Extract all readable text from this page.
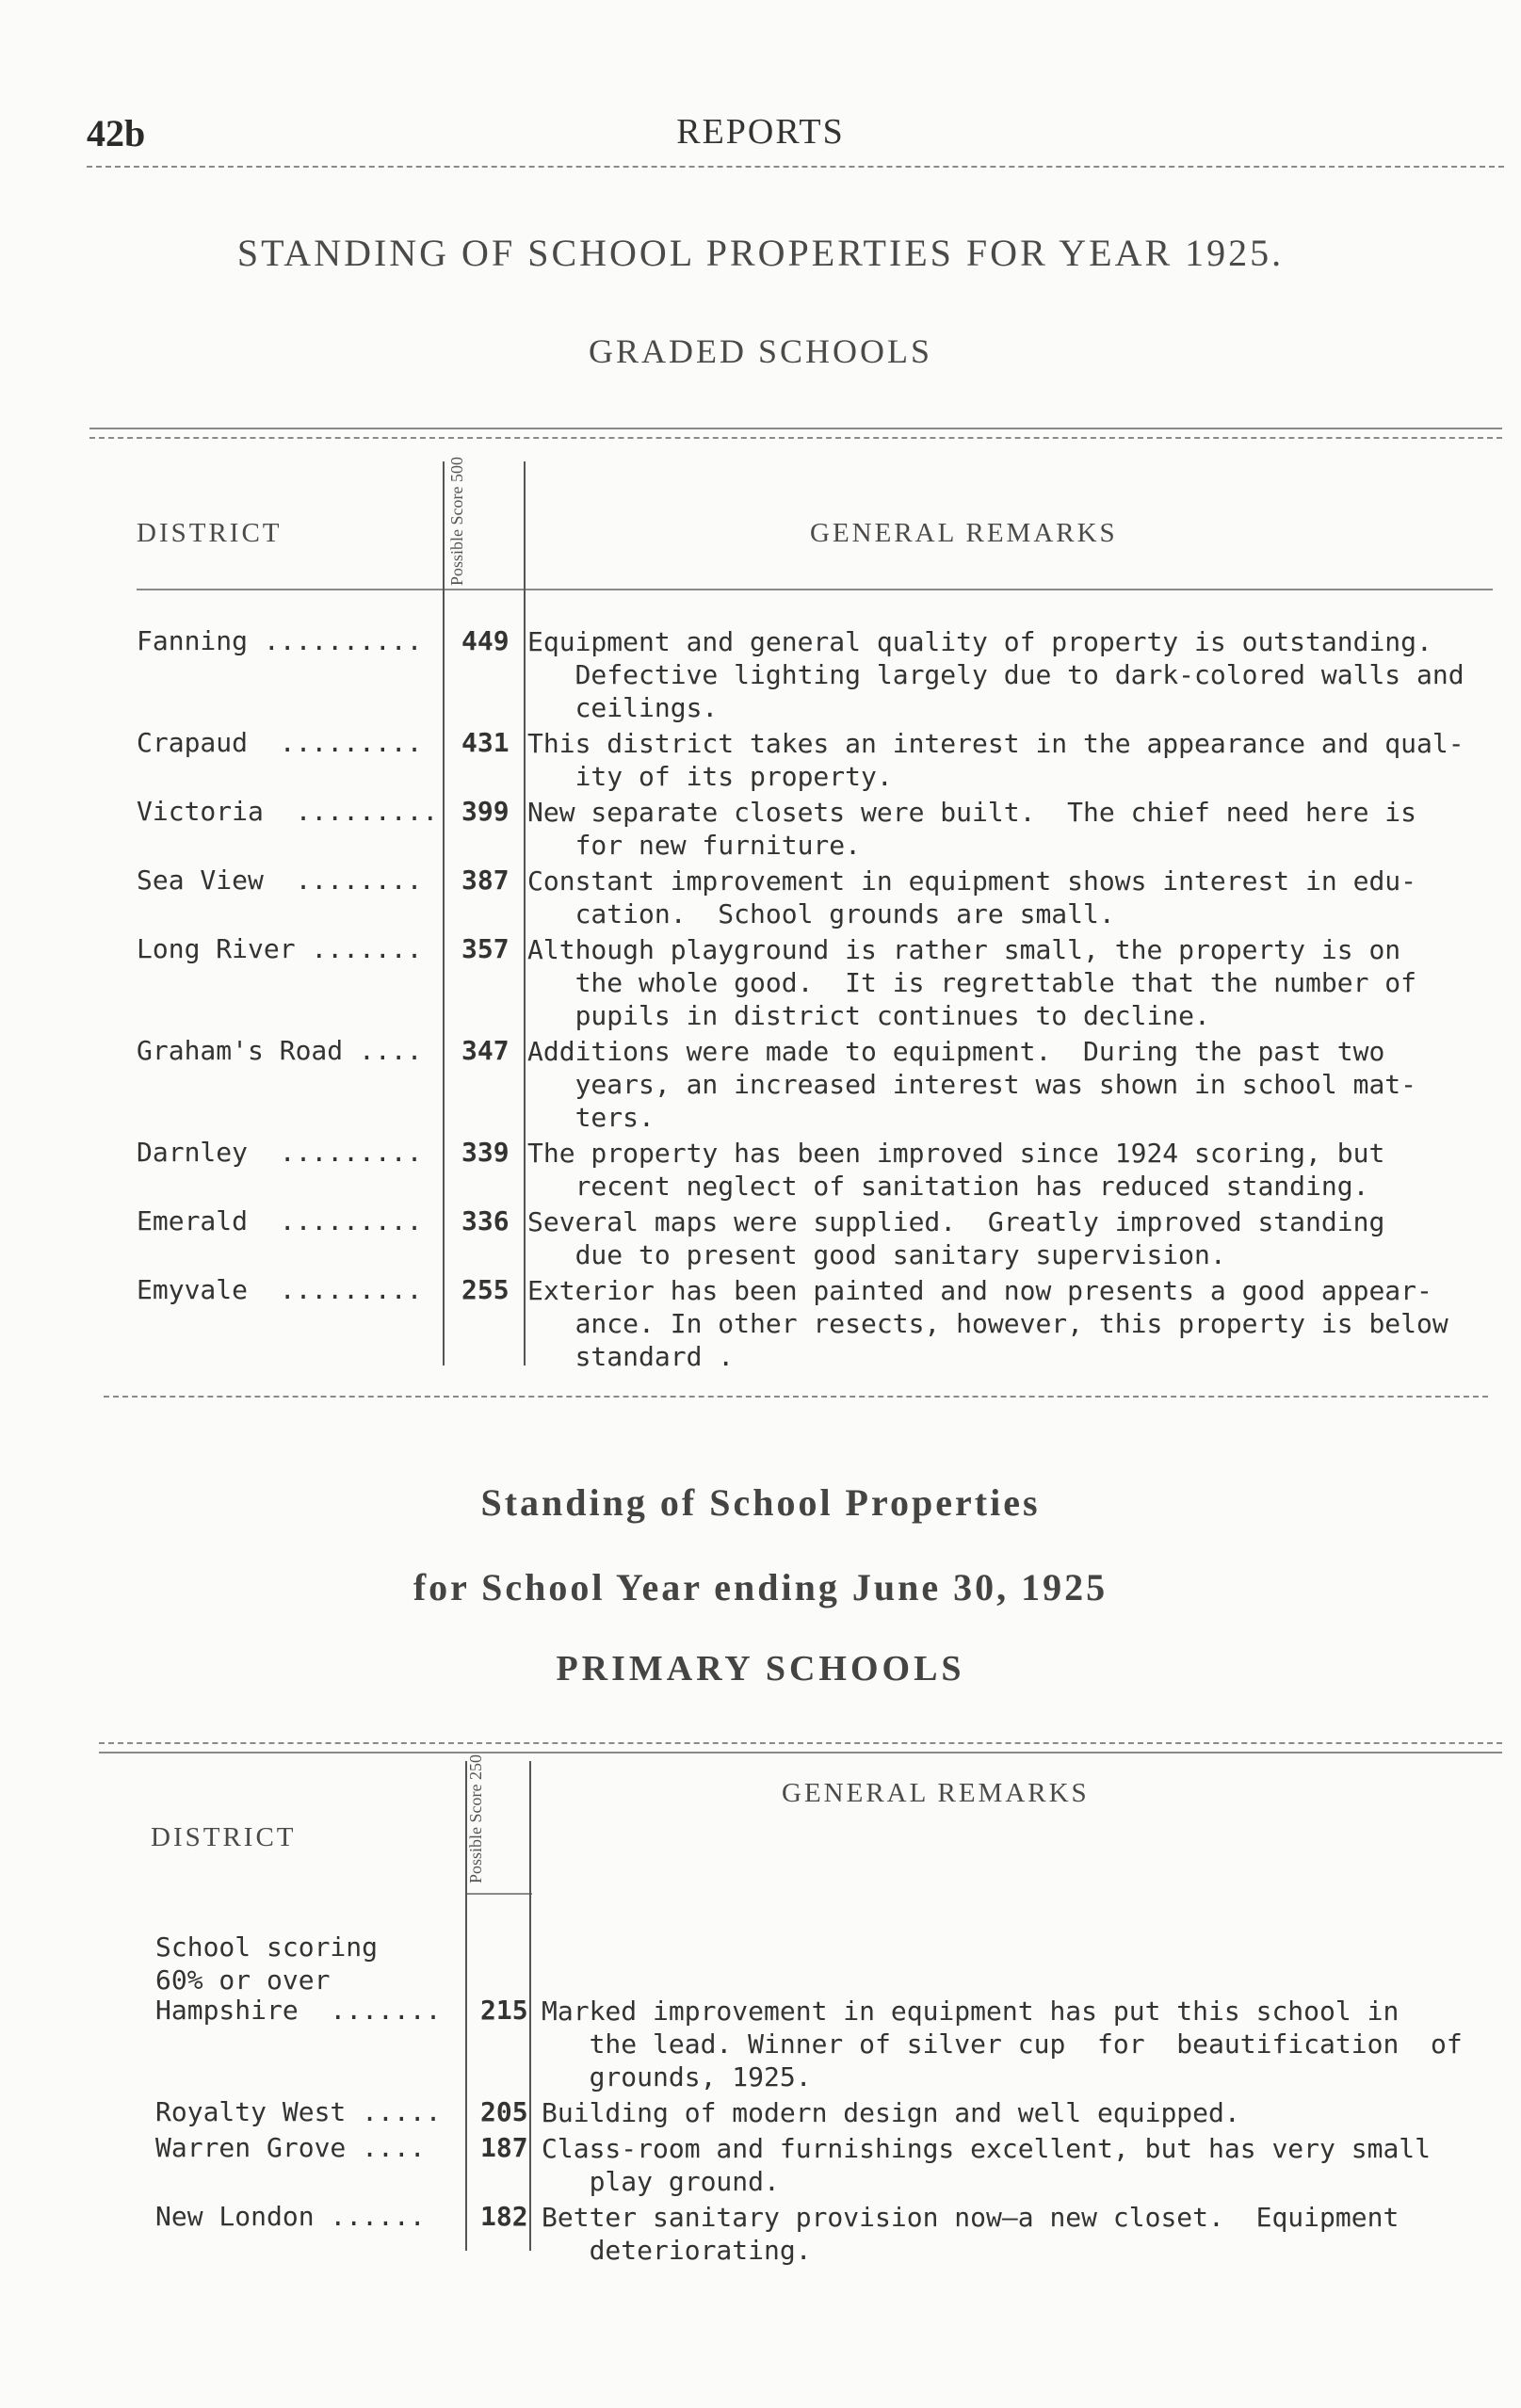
42b	REPORTS
STANDING OF SCHOOL PROPERTIES FOR YEAR 1925.
GRADED SCHOOLS
DISTRICT	Possible Score 500	GENERAL REMARKS
Fanning .......... 449 Equipment and general quality of property is outstanding.
Defective lighting largely due to dark-colored walls and
ceilings.
Crapaud  ......... 431 This district takes an interest in the appearance and qual-
ity of its property.
Victoria  ......... 399 New separate closets were built.  The chief need here is
for new furniture.
Sea View  ........ 387 Constant improvement in equipment shows interest in edu-
cation.  School grounds are small.
Long River ....... 357 Although playground is rather small, the property is on
the whole good.  It is regrettable that the number of
pupils in district continues to decline.
Graham's Road .... 347 Additions were made to equipment.  During the past two
years, an increased interest was shown in school mat-
ters.
Darnley  ......... 339 The property has been improved since 1924 scoring, but
recent neglect of sanitation has reduced standing.
Emerald  ......... 336 Several maps were supplied.  Greatly improved standing
due to present good sanitary supervision.
Emyvale  ......... 255 Exterior has been painted and now presents a good appear-
ance. In other resects, however, this property is below
standard .
Standing of School Properties
for School Year ending June 30, 1925
PRIMARY SCHOOLS
DISTRICT	Possible Score 250	GENERAL REMARKS
School scoring
60% or over
Hampshire  ....... 215 Marked improvement in equipment has put this school in
the lead. Winner of silver cup  for  beautification  of
grounds, 1925.
Royalty West ..... 205 Building of modern design and well equipped.
Warren Grove .... 187 Class-room and furnishings excellent, but has very small
play ground.
New London ...... 182 Better sanitary provision now—a new closet.  Equipment
deteriorating.
